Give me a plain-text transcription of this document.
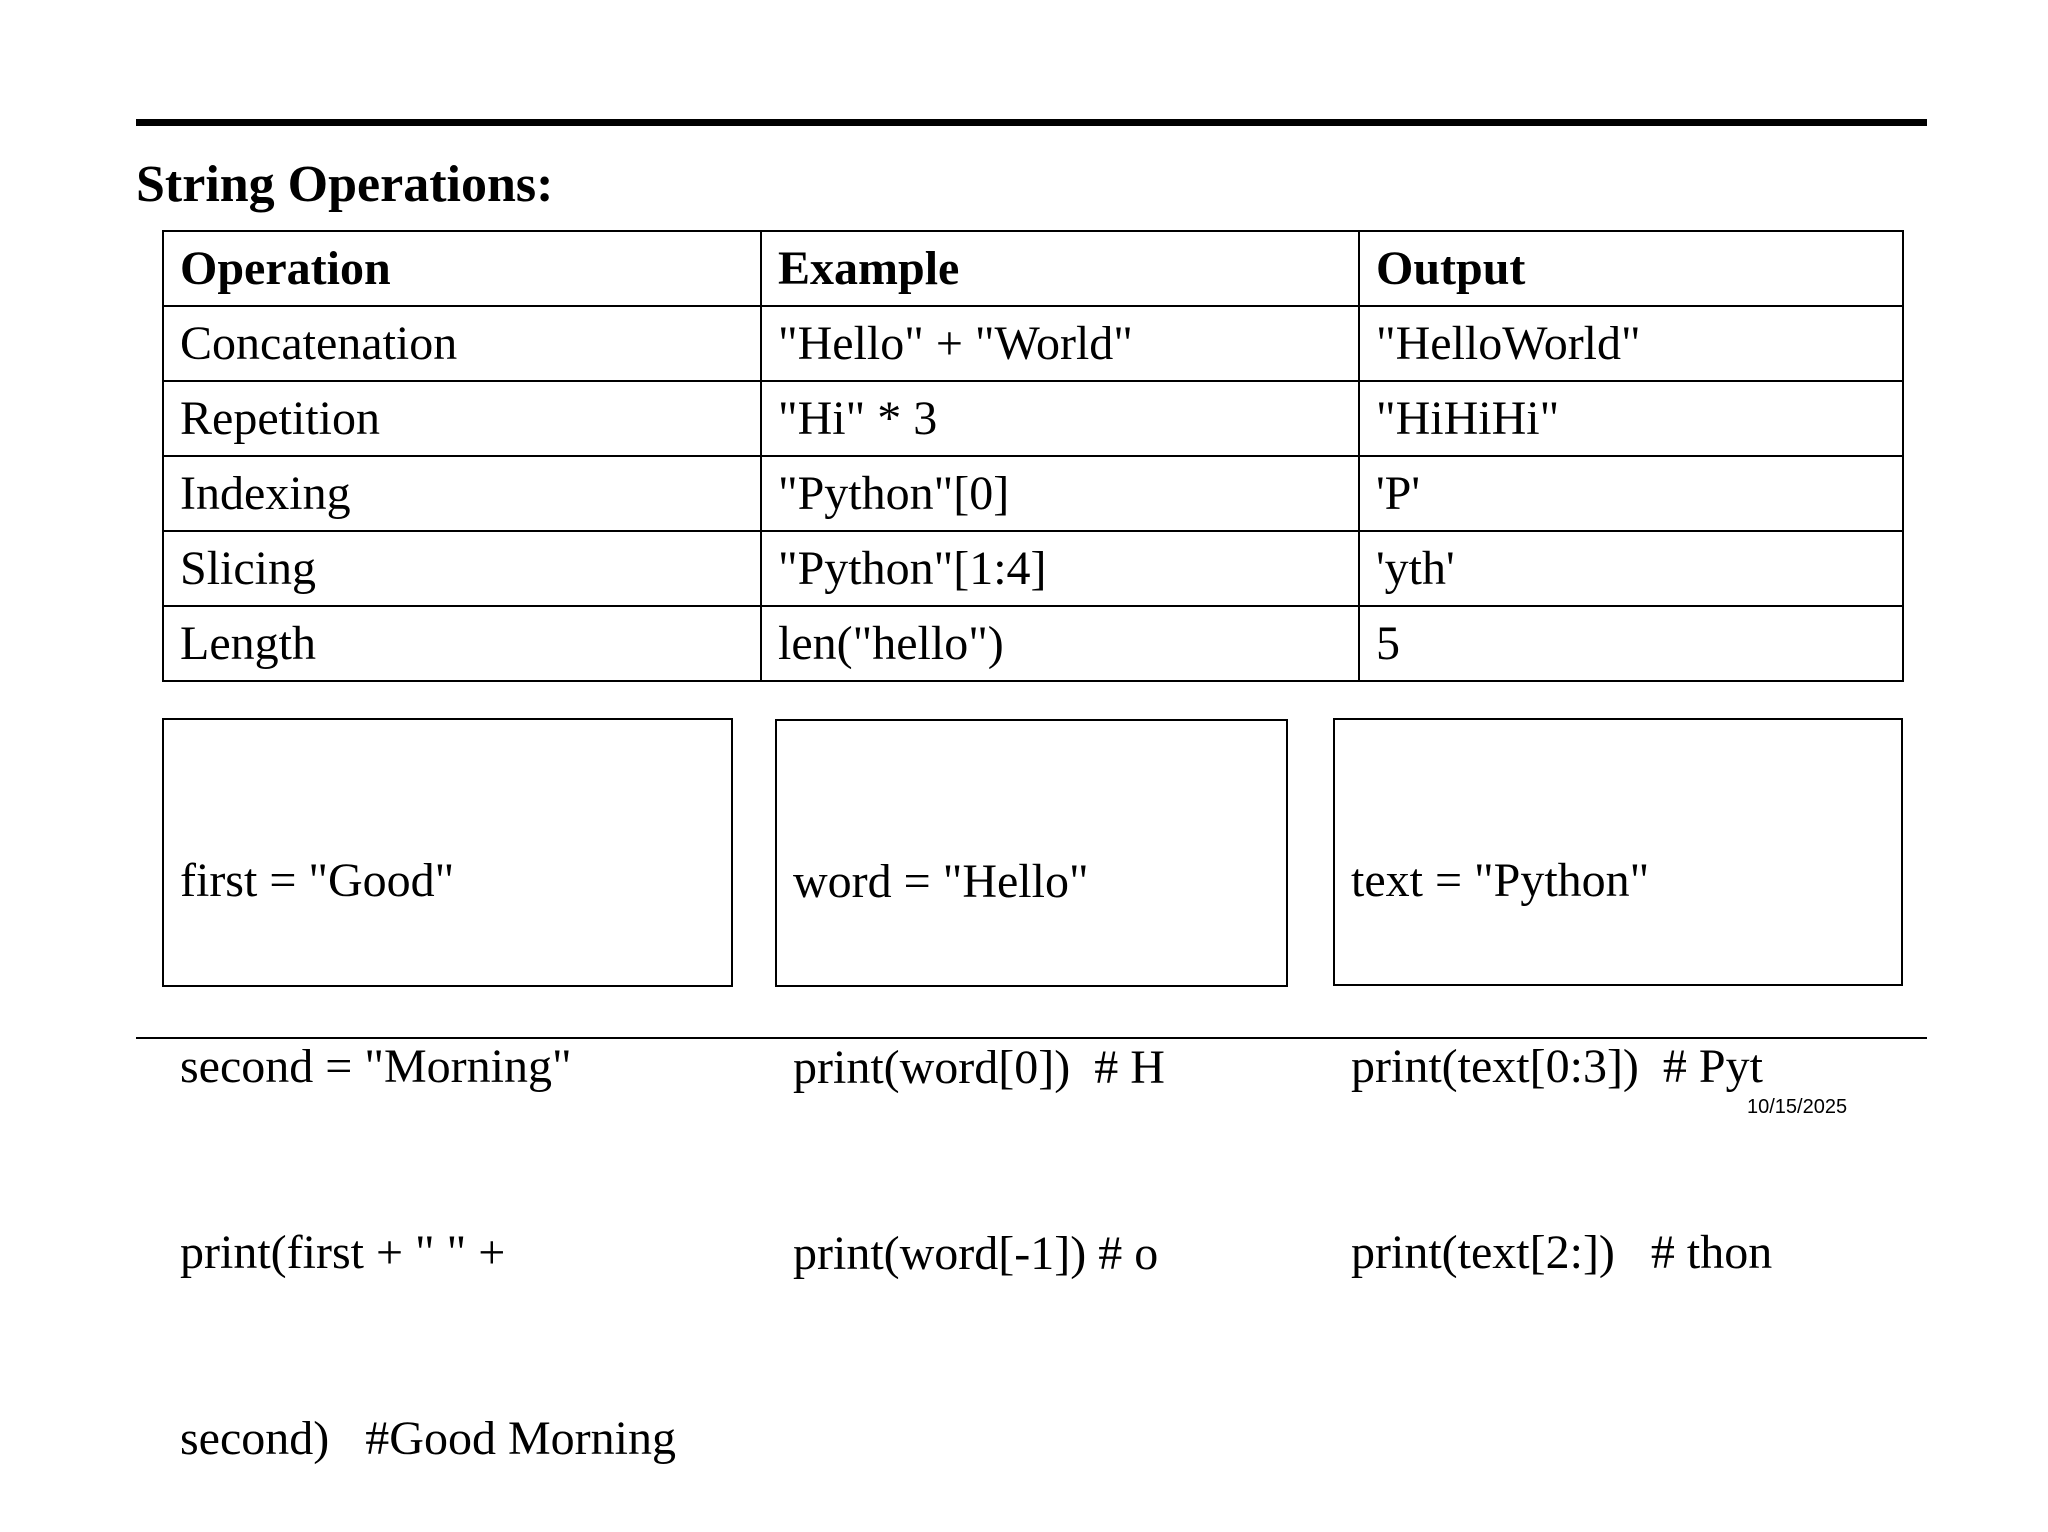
String Operations:
Operation	Example	Output
Concatenation	"Hello" + "World"	"HelloWorld"
Repetition	"Hi" * 3	"HiHiHi"
Indexing	"Python"[0]	'P'
Slicing	"Python"[1:4]	'yth'
Length	len("hello")	5

first = "Good"

second = "Morning"

print(first + " " +

second)   #Good Morning

word = "Hello"

print(word[0])  # H

print(word[-1]) # o

text = "Python"

print(text[0:3])  # Pyt

print(text[2:])   # thon

10/15/2025
